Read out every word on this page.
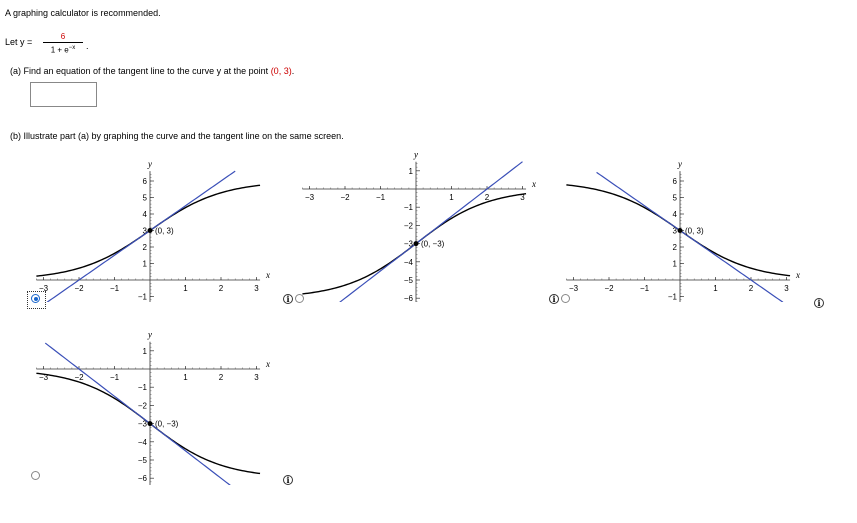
A graphing calculator is recommended.
Let y =
6
$1 + e^{-x}$	.
(a) Find an equation of the tangent line to the curve y at the point (0, 3).
(b) Illustrate part (a) by graphing the curve and the tangent line on the same screen.
−3	−2	−1	1	2	3
6
5
4
3
2
1
−1
x
y
(0, 3)
−3	−2	−1	1	2	3
1
−1
−2
−3
−4
−5
−6
x
y
(0, −3)
−3	−2	−1	1	2	3
6
5
4
3
2
1
−1
x
y
(0, 3)
−3	−2	−1	1	2	3
1
−1
−2
−3
−4
−5
−6
x
y
(0, −3)
i	i	i
i
